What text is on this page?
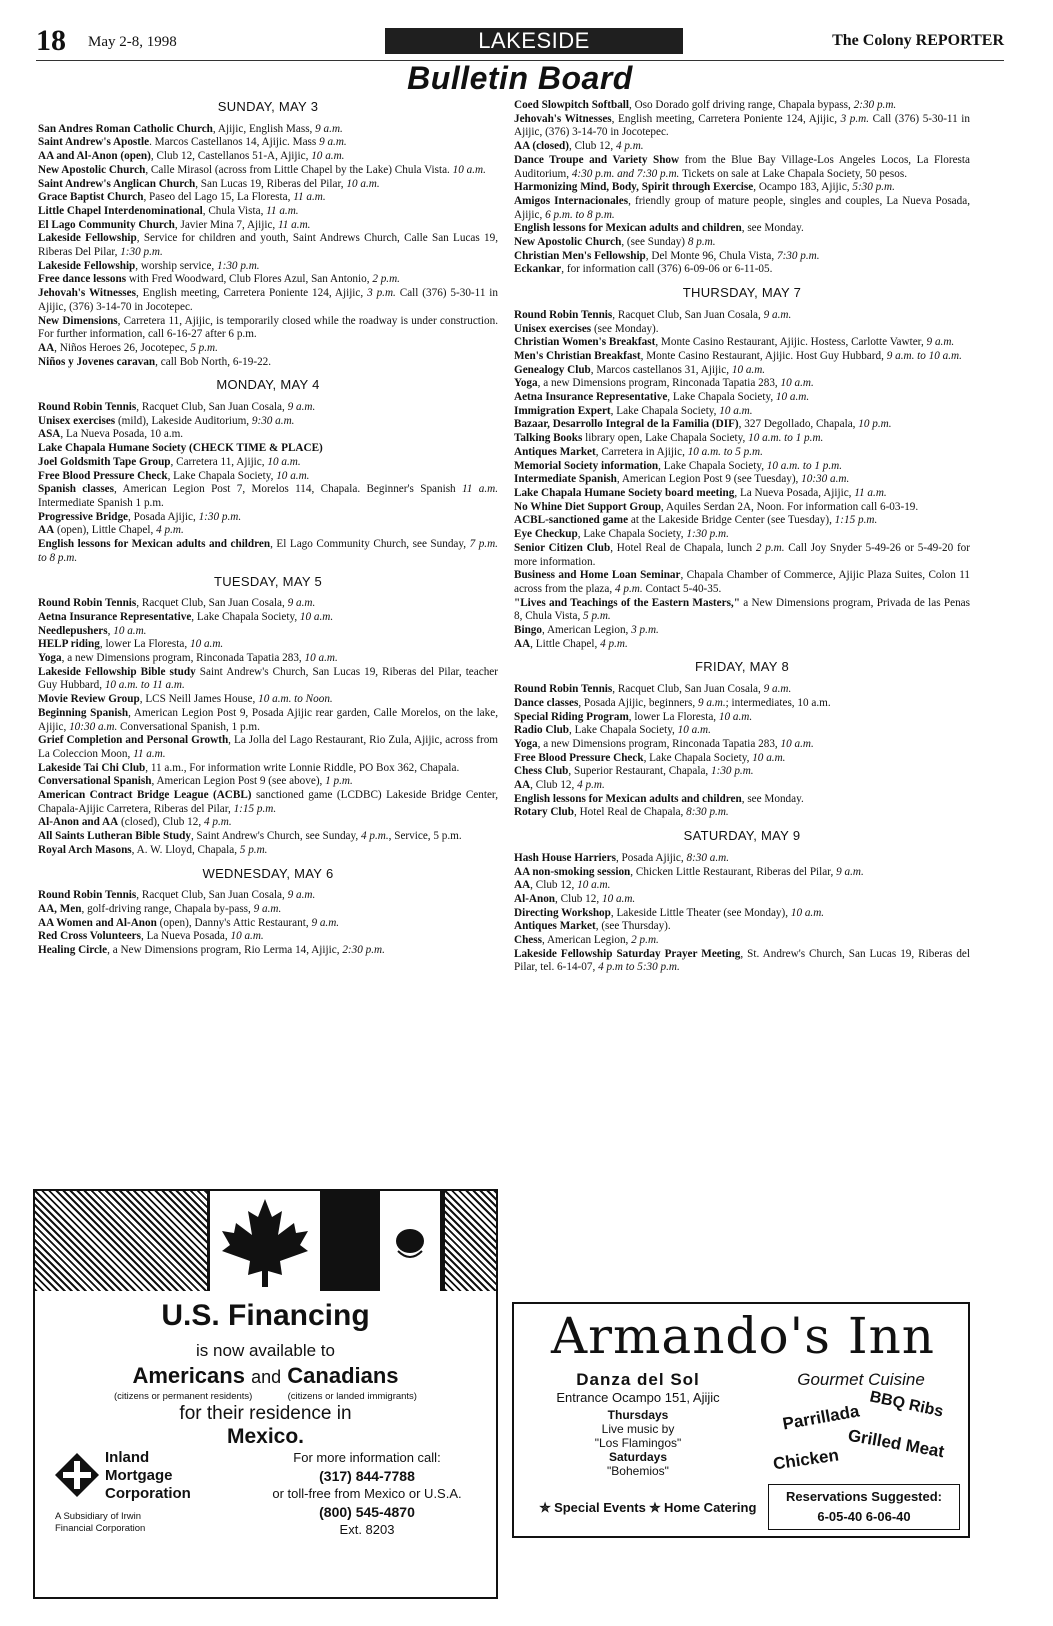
18 May 2-8, 1998	LAKESIDE	The Colony REPORTER
Bulletin Board
SUNDAY, MAY 3

San Andres Roman Catholic Church, Ajijic, English Mass, 9 a.m.

Saint Andrew's Apostle. Marcos Castellanos 14, Ajijic. Mass 9 a.m.

AA and Al-Anon (open), Club 12, Castellanos 51-A, Ajijic, 10 a.m.

New Apostolic Church, Calle Mirasol (across from Little Chapel by the Lake) Chula Vista. 10 a.m.

Saint Andrew's Anglican Church, San Lucas 19, Riberas del Pilar, 10 a.m.

Grace Baptist Church, Paseo del Lago 15, La Floresta, 11 a.m.

Little Chapel Interdenominational, Chula Vista, 11 a.m.

El Lago Community Church, Javier Mina 7, Ajijic, 11 a.m.

Lakeside Fellowship, Service for children and youth, Saint Andrews Church, Calle San Lucas 19, Riberas Del Pilar, 1:30 p.m.

Lakeside Fellowship, worship service, 1:30 p.m.

Free dance lessons with Fred Woodward, Club Flores Azul, San Antonio, 2 p.m.

Jehovah's Witnesses, English meeting, Carretera Poniente 124, Ajijic, 3 p.m. Call (376) 5-30-11 in Ajijic, (376) 3-14-70 in Jocotepec.

New Dimensions, Carretera 11, Ajijic, is temporarily closed while the roadway is under construction. For further information, call 6-16-27 after 6 p.m.

AA, Niños Heroes 26, Jocotepec, 5 p.m.

Niños y Jovenes caravan, call Bob North, 6-19-22.

MONDAY, MAY 4

Round Robin Tennis, Racquet Club, San Juan Cosala, 9 a.m.

Unisex exercises (mild), Lakeside Auditorium, 9:30 a.m.

ASA, La Nueva Posada, 10 a.m.

Lake Chapala Humane Society (CHECK TIME & PLACE)

Joel Goldsmith Tape Group, Carretera 11, Ajijic, 10 a.m.

Free Blood Pressure Check, Lake Chapala Society, 10 a.m.

Spanish classes, American Legion Post 7, Morelos 114, Chapala. Beginner's Spanish 11 a.m. Intermediate Spanish 1 p.m.

Progressive Bridge, Posada Ajijic, 1:30 p.m.

AA (open), Little Chapel, 4 p.m.

English lessons for Mexican adults and children, El Lago Community Church, see Sunday, 7 p.m. to 8 p.m.

TUESDAY, MAY 5

Round Robin Tennis, Racquet Club, San Juan Cosala, 9 a.m.

Aetna Insurance Representative, Lake Chapala Society, 10 a.m.

Needlepushers, 10 a.m.

HELP riding, lower La Floresta, 10 a.m.

Yoga, a new Dimensions program, Rinconada Tapatia 283, 10 a.m.

Lakeside Fellowship Bible study Saint Andrew's Church, San Lucas 19, Riberas del Pilar, teacher Guy Hubbard, 10 a.m. to 11 a.m.

Movie Review Group, LCS Neill James House, 10 a.m. to Noon.

Beginning Spanish, American Legion Post 9, Posada Ajijic rear garden, Calle Morelos, on the lake, Ajijic, 10:30 a.m. Conversational Spanish, 1 p.m.

Grief Completion and Personal Growth, La Jolla del Lago Restaurant, Rio Zula, Ajijic, across from La Coleccion Moon, 11 a.m.

Lakeside Tai Chi Club, 11 a.m., For information write Lonnie Riddle, PO Box 362, Chapala.

Conversational Spanish, American Legion Post 9 (see above), 1 p.m.

American Contract Bridge League (ACBL) sanctioned game (LCDBC) Lakeside Bridge Center, Chapala-Ajijic Carretera, Riberas del Pilar, 1:15 p.m.

Al-Anon and AA (closed), Club 12, 4 p.m.

All Saints Lutheran Bible Study, Saint Andrew's Church, see Sunday, 4 p.m., Service, 5 p.m.

Royal Arch Masons, A. W. Lloyd, Chapala, 5 p.m.

WEDNESDAY, MAY 6

Round Robin Tennis, Racquet Club, San Juan Cosala, 9 a.m.

AA, Men, golf-driving range, Chapala by-pass, 9 a.m.

AA Women and Al-Anon (open), Danny's Attic Restaurant, 9 a.m.

Red Cross Volunteers, La Nueva Posada, 10 a.m.

Healing Circle, a New Dimensions program, Rio Lerma 14, Ajijic, 2:30 p.m.

Coed Slowpitch Softball, Oso Dorado golf driving range, Chapala bypass, 2:30 p.m.

Jehovah's Witnesses, English meeting, Carretera Poniente 124, Ajijic, 3 p.m. Call (376) 5-30-11 in Ajijic, (376) 3-14-70 in Jocotepec.

AA (closed), Club 12, 4 p.m.

Dance Troupe and Variety Show from the Blue Bay Village-Los Angeles Locos, La Floresta Auditorium, 4:30 p.m. and 7:30 p.m. Tickets on sale at Lake Chapala Society, 50 pesos.

Harmonizing Mind, Body, Spirit through Exercise, Ocampo 183, Ajijic, 5:30 p.m.

Amigos Internacionales, friendly group of mature people, singles and couples, La Nueva Posada, Ajijic, 6 p.m. to 8 p.m.

English lessons for Mexican adults and children, see Monday.

New Apostolic Church, (see Sunday) 8 p.m.

Christian Men's Fellowship, Del Monte 96, Chula Vista, 7:30 p.m.

Eckankar, for information call (376) 6-09-06 or 6-11-05.

THURSDAY, MAY 7

Round Robin Tennis, Racquet Club, San Juan Cosala, 9 a.m.

Unisex exercises (see Monday).

Christian Women's Breakfast, Monte Casino Restaurant, Ajijic. Hostess, Carlotte Vawter, 9 a.m.

Men's Christian Breakfast, Monte Casino Restaurant, Ajijic. Host Guy Hubbard, 9 a.m. to 10 a.m.

Genealogy Club, Marcos castellanos 31, Ajijic, 10 a.m.

Yoga, a new Dimensions program, Rinconada Tapatia 283, 10 a.m.

Aetna Insurance Representative, Lake Chapala Society, 10 a.m.

Immigration Expert, Lake Chapala Society, 10 a.m.

Bazaar, Desarrollo Integral de la Familia (DIF), 327 Degollado, Chapala, 10 p.m.

Talking Books library open, Lake Chapala Society, 10 a.m. to 1 p.m.

Antiques Market, Carretera in Ajijic, 10 a.m. to 5 p.m.

Memorial Society information, Lake Chapala Society, 10 a.m. to 1 p.m.

Intermediate Spanish, American Legion Post 9 (see Tuesday), 10:30 a.m.

Lake Chapala Humane Society board meeting, La Nueva Posada, Ajijic, 11 a.m.

No Whine Diet Support Group, Aquiles Serdan 2A, Noon. For information call 6-03-19.

ACBL-sanctioned game at the Lakeside Bridge Center (see Tuesday), 1:15 p.m.

Eye Checkup, Lake Chapala Society, 1:30 p.m.

Senior Citizen Club, Hotel Real de Chapala, lunch 2 p.m. Call Joy Snyder 5-49-26 or 5-49-20 for more information.

Business and Home Loan Seminar, Chapala Chamber of Commerce, Ajijic Plaza Suites, Colon 11 across from the plaza, 4 p.m. Contact 5-40-35.

"Lives and Teachings of the Eastern Masters," a New Dimensions program, Privada de las Penas 8, Chula Vista, 5 p.m.

Bingo, American Legion, 3 p.m.

AA, Little Chapel, 4 p.m.

FRIDAY, MAY 8

Round Robin Tennis, Racquet Club, San Juan Cosala, 9 a.m.

Dance classes, Posada Ajijic, beginners, 9 a.m.; intermediates, 10 a.m.

Special Riding Program, lower La Floresta, 10 a.m.

Radio Club, Lake Chapala Society, 10 a.m.

Yoga, a new Dimensions program, Rinconada Tapatia 283, 10 a.m.

Free Blood Pressure Check, Lake Chapala Society, 10 a.m.

Chess Club, Superior Restaurant, Chapala, 1:30 p.m.

AA, Club 12, 4 p.m.

English lessons for Mexican adults and children, see Monday.

Rotary Club, Hotel Real de Chapala, 8:30 p.m.

SATURDAY, MAY 9

Hash House Harriers, Posada Ajijic, 8:30 a.m.

AA non-smoking session, Chicken Little Restaurant, Riberas del Pilar, 9 a.m.

AA, Club 12, 10 a.m.

Al-Anon, Club 12, 10 a.m.

Directing Workshop, Lakeside Little Theater (see Monday), 10 a.m.

Antiques Market, (see Thursday).

Chess, American Legion, 2 p.m.

Lakeside Fellowship Saturday Prayer Meeting, St. Andrew's Church, San Lucas 19, Riberas del Pilar, tel. 6-14-07, 4 p.m to 5:30 p.m.

U.S. Financing
is now available to
Americans and Canadians
(citizens or permanent residents)	(citizens or landed immigrants)
for their residence in
Mexico.
Inland
Mortgage
Corporation
A Subsidiary of Irwin
Financial Corporation
For more information call:
(317) 844-7788
or toll-free from Mexico or U.S.A.
(800) 545-4870
Ext. 8203
Armando's Inn
Danza del Sol
Entrance Ocampo 151, Ajijic
Thursdays
Live music by
"Los Flamingos"
Saturdays
"Bohemios"
Gourmet Cuisine
BBQ Ribs
Parrillada
Grilled Meat
Chicken
✮ Special Events ✮ Home Catering
Reservations Suggested:
6-05-40 6-06-40
